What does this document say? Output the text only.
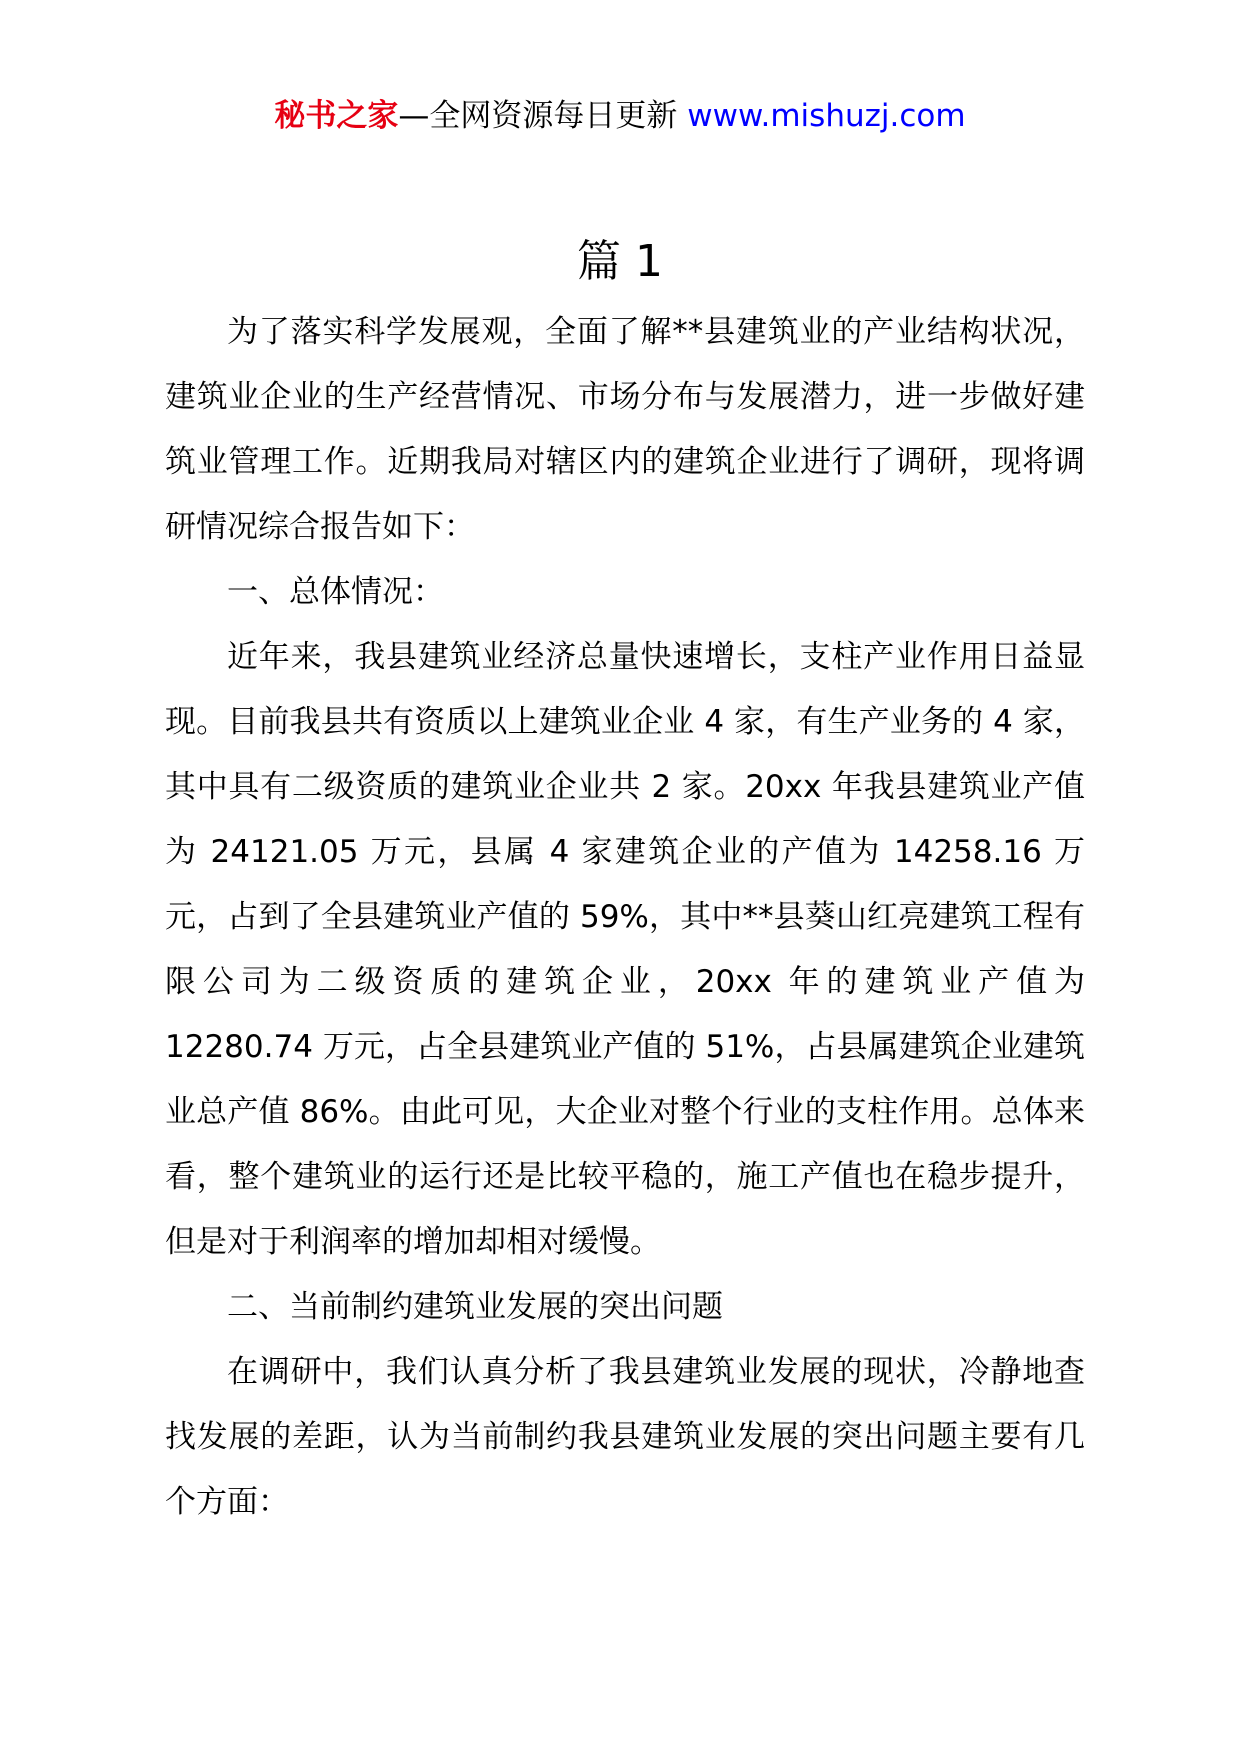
秘书之家—全网资源每日更新 www.mishuzj.com
篇 1

为了落实科学发展观，全面了解**县建筑业的产业结构状况，建筑业企业的生产经营情况、市场分布与发展潜力，进一步做好建筑业管理工作。近期我局对辖区内的建筑企业进行了调研，现将调研情况综合报告如下：

一、总体情况：

近年来，我县建筑业经济总量快速增长，支柱产业作用日益显现。目前我县共有资质以上建筑业企业 4 家，有生产业务的 4 家，其中具有二级资质的建筑业企业共 2 家。20xx 年我县建筑业产值为 24121.05 万元，县属 4 家建筑企业的产值为 14258.16 万元，占到了全县建筑业产值的 59%，其中**县葵山红亮建筑工程有限公司为二级资质的建筑企业，20xx 年的建筑业产值为 12280.74 万元，占全县建筑业产值的 51%，占县属建筑企业建筑业总产值 86%。由此可见，大企业对整个行业的支柱作用。总体来看，整个建筑业的运行还是比较平稳的，施工产值也在稳步提升，但是对于利润率的增加却相对缓慢。

二、当前制约建筑业发展的突出问题

在调研中，我们认真分析了我县建筑业发展的现状，冷静地查找发展的差距，认为当前制约我县建筑业发展的突出问题主要有几个方面：
